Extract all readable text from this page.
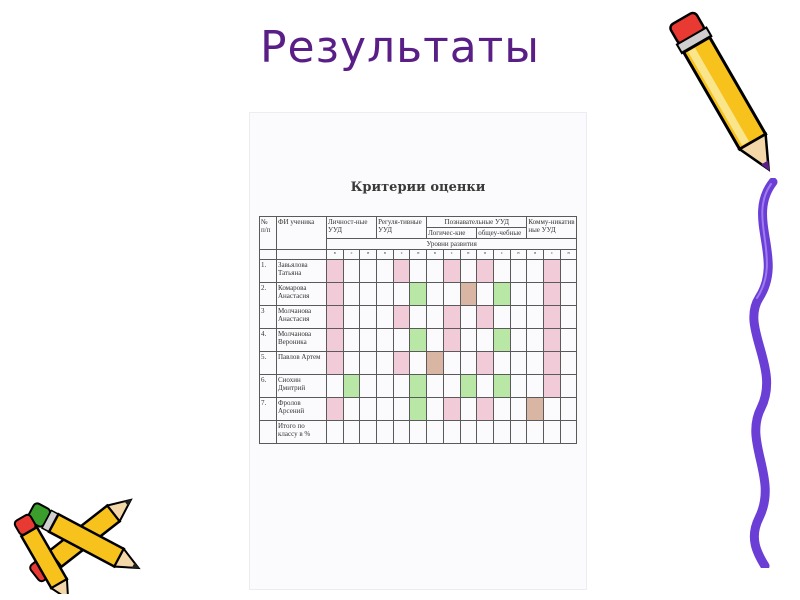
Результаты
Критерии оценки
№ п/п	ФИ ученика	Личност-ные УУД			Регуля-тивные УУД			Познавательные УУД						Комму-никатив ные УУД		
								Логичес-кие			общеу-чебные					
		Уровни развития														
		в	с	н	в	с	н	в	с	н	в	с	н	в	с	н
1.	Завьялова Татьяна															
2.	Комарова Анастасия															
3	Молчанова Анастасия															
4.	Молчанова Вероника															
5.	Павлов Артем															
6.	Сиохин Дмитрий															
7.	Фролов Арсений															
	Итого по классу в %															
